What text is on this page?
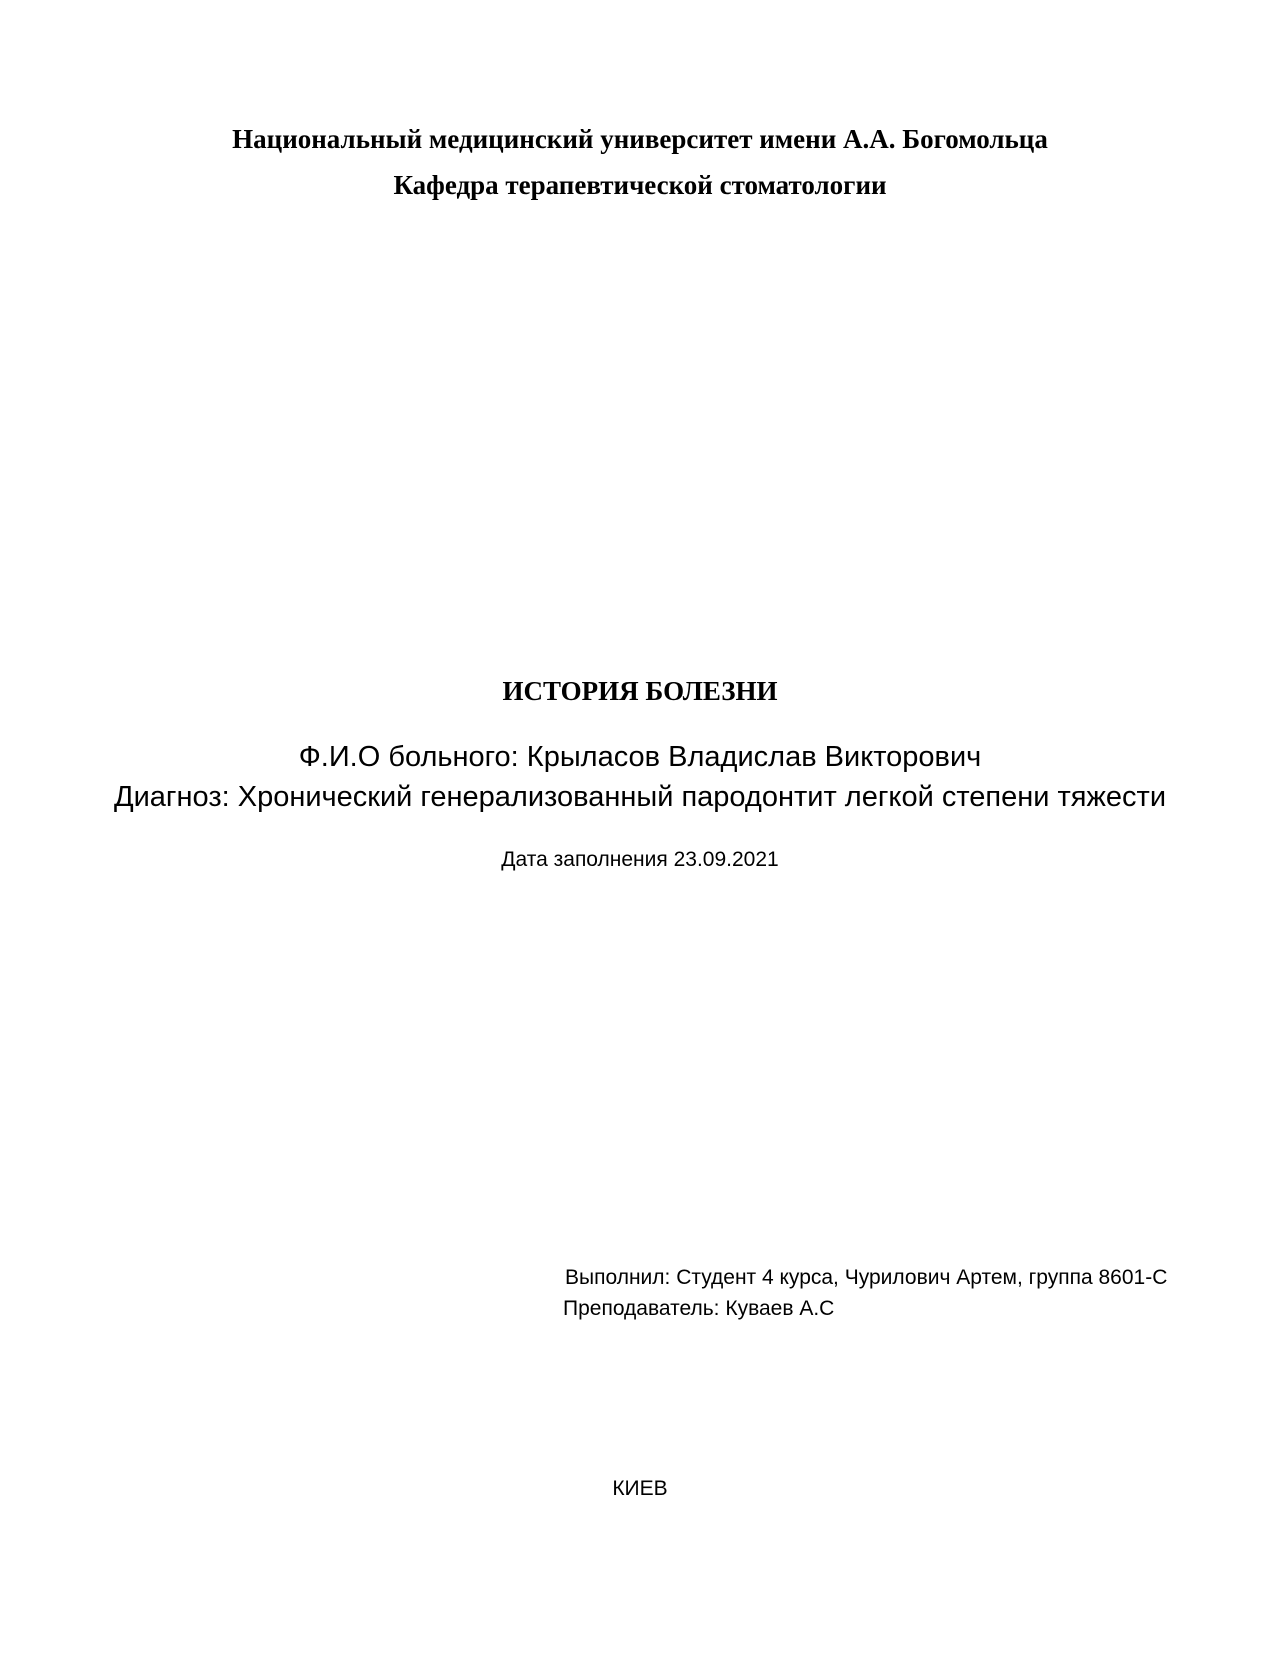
Национальный медицинский университет имени А.А. Богомольца

Кафедра терапевтической стоматологии

ИСТОРИЯ БОЛЕЗНИ

Ф.И.О больного: Крыласов Владислав Викторович

Диагноз: Хронический генерализованный пародонтит легкой степени тяжести

Дата заполнения 23.09.2021

Выполнил: Студент 4 курса, Чурилович Артем, группа 8601-С

Преподаватель: Куваев А.С

КИЕВ
